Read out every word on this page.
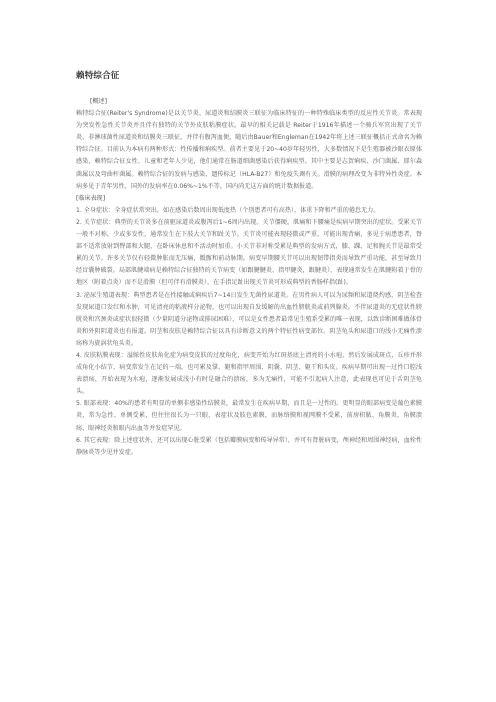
赖特综合征

[概述]

赖特综合征(Reiter's Syndrome)是以关节炎、尿道炎和结膜炎三联征为临床特征的一种特殊临床类型的反应性关节炎。常表现为突发性急性关节炎并且伴有独特的关节外皮肤粘膜症状。最早的相关记载是 Reiter于1916年描述一个骑兵军官出现了关节炎、非淋球菌性尿道炎和结膜炎三联征，并伴有腹泻血便，随后由Bauer和Engleman在1942年将上述三联征概括正式命名为赖特综合征。目前认为本病有两种形式：性传播和痢疾型。前者主要见于20~40岁年轻男性，大多数情况下是生殖器被沙眼衣原体感染，赖特综合征女性、儿童和老年人少见，他们通常在肠道细菌感染后获得痢疾型。其中主要是志贺痢疾、沙门菌属、耶尔森菌属以及弯曲杆菌属。赖特综合征的发病与感染、遗传标记（HLA-B27）和免疫失调有关。滑膜的病理改变为非特异性炎症。本病多见于青年男性，国外的发病率在0.06%~1%不等，国内尚无这方面的统计数据报道。

[临床表现]

1. 全身症状：全身症状常突出，如在感染后数周出现低度热（个别患者可有高热），体重下降和严重的倦怠无力。

2. 关节症状：典型的关节炎多在前驱尿道炎或腹泻后1~6周内出现。关节僵硬，肌痛和下腰痛是疾病早期突出的症状。受累关节一般不对称，少或多发性，通常发生在下肢大关节和趾关节。关节炎可能表现轻微或严重，可能出现背痛，多见于病患患者，脊部不适常放射到臀部和大腿，在卧床休息和不活动时加重。小关节非对称受累是典型的发病方式，膝、踝、足和腕关节是最常受累的关节。许多关节仅有轻微肿胀而无压痛，骶髂和前动脉期。病变早期腰关节可以出现韧带指炎而导致严重功能，甚至导致月经盲囊肿破裂。局部肌腱端病是赖特综合征独特的关节病变（如跟腱腱炎、指甲腱炎，跟腱炎），表现通常发生在肌腱附着于骨的地区（附着点炎）而不是滑膜（但可伴有滑膜炎），在手指足趾出现关节炎可形成典型的香肠样指(趾)。

3. 泌尿生殖道表现：典型患者是在性接触或痢疾后7~14日发生无菌性尿道炎。在男性病人可以为尿频和尿道烧灼感，阴茎检查发现尿道口发红和水肿，可见清亮的粘液样分泌物，也可以出现自发缓解的出血性膀胱炎或前列腺炎。不伴尿道炎的无症状性膀胱炎和宫颈炎或症状很轻微（少量阴道分泌物或排尿困难），可以是女性患者最常见生殖系受累的唯一表现，以致诊断困难做体骨炎和外阴阴道炎也有报道。阴茎和皮肤是赖特综合征以具有诊断意义的两个特征性病变部位。阴茎龟头和尿道口的浅小无痛性溃疡称为旋涡状龟头炎。

4. 皮肤粘膜表现：溢脓性皮肤角化症为病变皮肤的过度角化，病变开始为红斑基底上清亮的小水疱，然后发展成斑点，丘疹并形成角化小结节，病变常发生在足的一端，也可累及掌、躯和指甲周围、阴囊、阴茎、躯干和头皮。疾病早期可出现一过性口腔浅表溃疡，开始表现为水疱，逐渐发展成浅小有时是融合的溃疡，多为无痛性，可能不引起病人注意，此表现也可见于舌阴茎龟头。

5. 眼部表现：40%的患者有明显的单侧非感染性结膜炎，最常发生在疾病早期，而且是一过性的。更明显的眼部病变是葡色素膜炎，常为急性、单侧受累，但往往很长为一只眼，表症状及肢色素膜，而脉络膜和视网膜不受累，前房积脓、角膜炎、角膜溃疡、眼神经炎和眼内出血等并发症罕见。

6. 其它表现：除上述症状外，还可以出现心脏受累（包括瓣膜病变和传导异常），并可有肾脏病变，颅神经和周围神经病，血栓性静脉炎等少见并发症。
